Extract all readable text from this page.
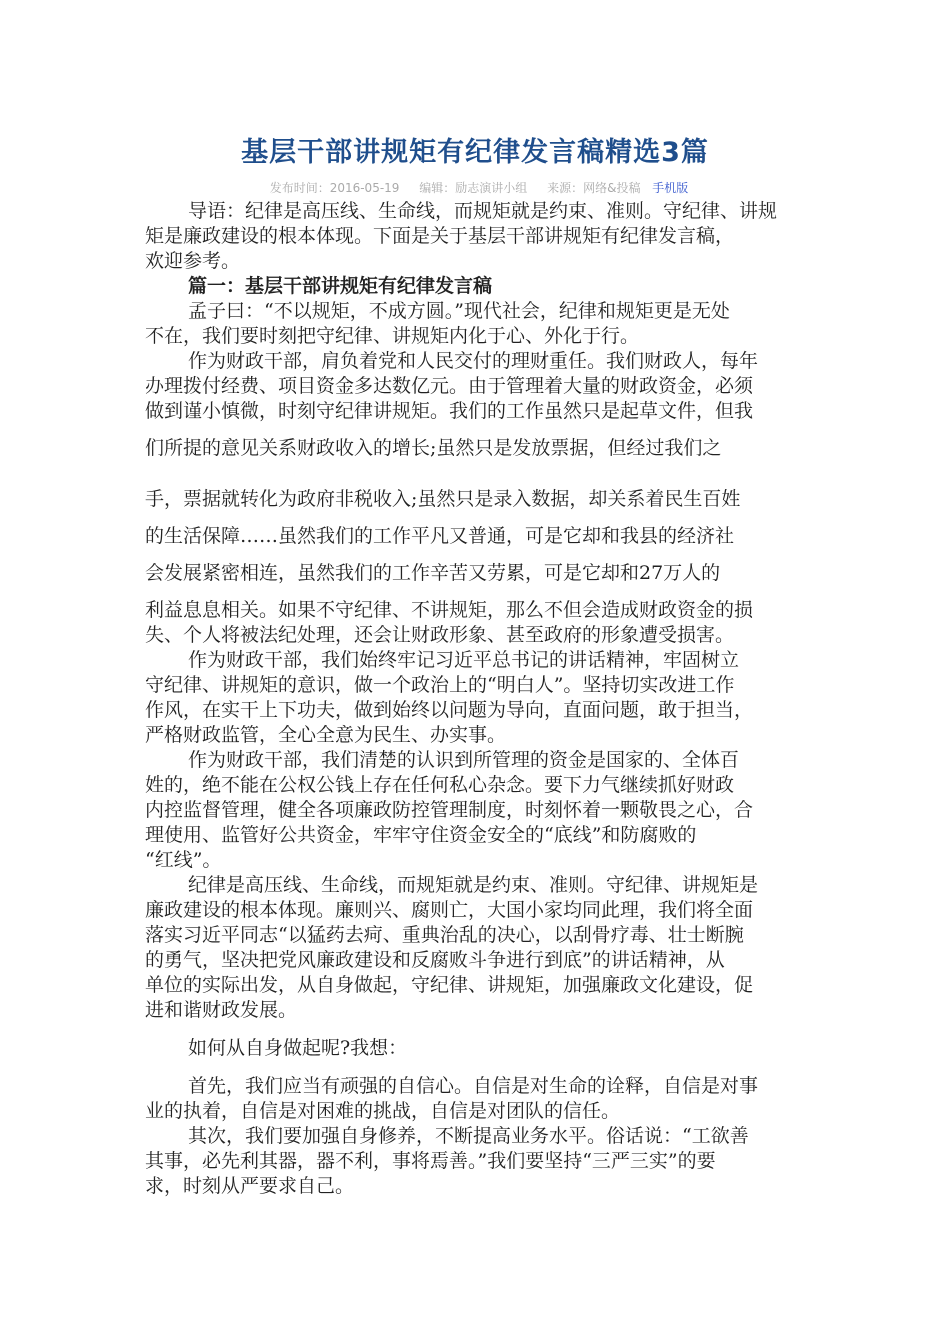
基层干部讲规矩有纪律发言稿精选3篇
发布时间：2016-05-19 编辑：励志演讲小组 来源：网络&投稿 手机版
导语：纪律是高压线、生命线，而规矩就是约束、准则。守纪律、讲规
矩是廉政建设的根本体现。下面是关于基层干部讲规矩有纪律发言稿，
欢迎参考。
篇一：基层干部讲规矩有纪律发言稿
孟子曰：“不以规矩，不成方圆。”现代社会，纪律和规矩更是无处
不在，我们要时刻把守纪律、讲规矩内化于心、外化于行。
作为财政干部，肩负着党和人民交付的理财重任。我们财政人，每年
办理拨付经费、项目资金多达数亿元。由于管理着大量的财政资金，必须
做到谨小慎微，时刻守纪律讲规矩。我们的工作虽然只是起草文件，但我
们所提的意见关系财政收入的增长;虽然只是发放票据，但经过我们之
手，票据就转化为政府非税收入;虽然只是录入数据，却关系着民生百姓
的生活保障……虽然我们的工作平凡又普通，可是它却和我县的经济社
会发展紧密相连，虽然我们的工作辛苦又劳累，可是它却和27万人的
利益息息相关。如果不守纪律、不讲规矩，那么不但会造成财政资金的损
失、个人将被法纪处理，还会让财政形象、甚至政府的形象遭受损害。
作为财政干部，我们始终牢记习近平总书记的讲话精神，牢固树立
守纪律、讲规矩的意识，做一个政治上的“明白人”。坚持切实改进工作
作风，在实干上下功夫，做到始终以问题为导向，直面问题，敢于担当，
严格财政监管，全心全意为民生、办实事。
作为财政干部，我们清楚的认识到所管理的资金是国家的、全体百
姓的，绝不能在公权公钱上存在任何私心杂念。要下力气继续抓好财政
内控监督管理，健全各项廉政防控管理制度，时刻怀着一颗敬畏之心，合
理使用、监管好公共资金，牢牢守住资金安全的“底线”和防腐败的
“红线”。
纪律是高压线、生命线，而规矩就是约束、准则。守纪律、讲规矩是
廉政建设的根本体现。廉则兴、腐则亡，大国小家均同此理，我们将全面
落实习近平同志“以猛药去疴、重典治乱的决心，以刮骨疗毒、壮士断腕
的勇气，坚决把党风廉政建设和反腐败斗争进行到底”的讲话精神，从
单位的实际出发，从自身做起，守纪律、讲规矩，加强廉政文化建设，促
进和谐财政发展。
如何从自身做起呢?我想：
首先，我们应当有顽强的自信心。自信是对生命的诠释，自信是对事
业的执着，自信是对困难的挑战，自信是对团队的信任。
其次，我们要加强自身修养，不断提高业务水平。俗话说：“工欲善
其事，必先利其器，器不利，事将焉善。”我们要坚持“三严三实”的要
求，时刻从严要求自己。
